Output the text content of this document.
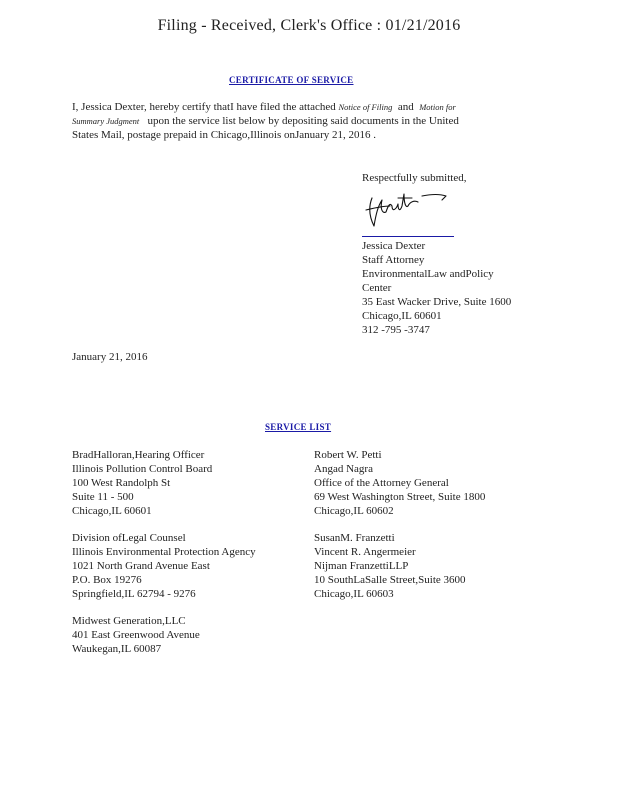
Filing - Received, Clerk's Office : 01/21/2016
CERTIFICATE OF SERVICE
I, Jessica Dexter, hereby certify thatI have filed the attached Notice of Filing and Motion for
Summary Judgment upon the service list below by depositing said documents in the United
States Mail, postage prepaid in Chicago,Illinois onJanuary 21, 2016 .
Respectfully submitted,
Jessica Dexter
Staff Attorney
EnvironmentalLaw andPolicy
Center
35 East Wacker Drive, Suite 1600
Chicago,IL 60601
312 -795 -3747
January 21, 2016
SERVICE LIST
BradHalloran,Hearing Officer
Illinois Pollution Control Board
100 West Randolph St
Suite 11 - 500
Chicago,IL 60601
Robert W. Petti
Angad Nagra
Office of the Attorney General
69 West Washington Street, Suite 1800
Chicago,IL 60602
Division ofLegal Counsel
Illinois Environmental Protection Agency
1021 North Grand Avenue East
P.O. Box 19276
Springfield,IL 62794 - 9276
SusanM. Franzetti
Vincent R. Angermeier
Nijman FranzettiLLP
10 SouthLaSalle Street,Suite 3600
Chicago,IL 60603
Midwest Generation,LLC
401 East Greenwood Avenue
Waukegan,IL 60087
